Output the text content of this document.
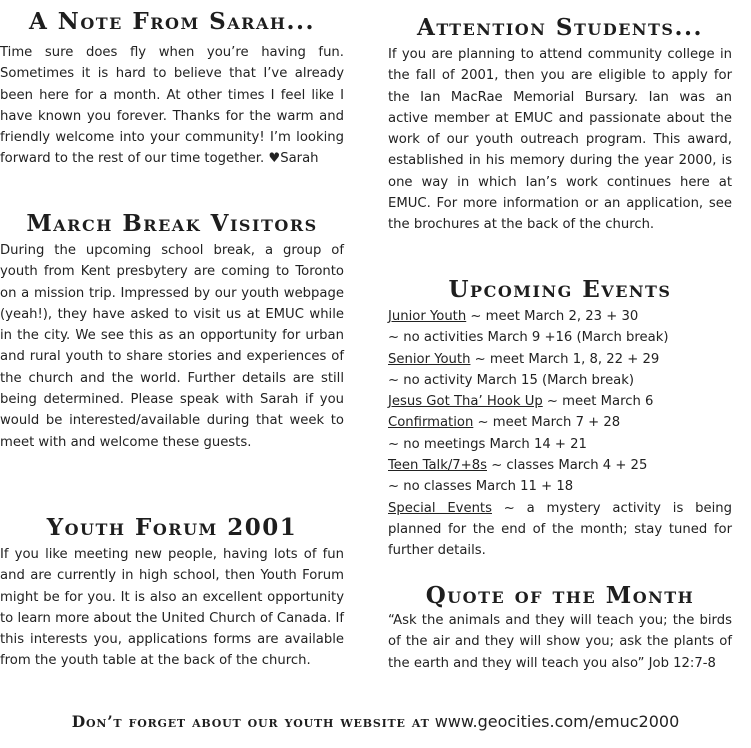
A Note From Sarah...

Time sure does fly when you’re having fun. Sometimes it is hard to believe that I’ve already been here for a month. At other times I feel like I have known you forever. Thanks for the warm and friendly welcome into your community! I’m looking forward to the rest of our time together. ♥Sarah

March Break Visitors

During the upcoming school break, a group of youth from Kent presbytery are coming to Toronto on a mission trip. Impressed by our youth webpage (yeah!), they have asked to visit us at EMUC while in the city. We see this as an opportunity for urban and rural youth to share stories and experiences of the church and the world. Further details are still being determined. Please speak with Sarah if you would be interested/available during that week to meet with and welcome these guests.

Youth Forum 2001

If you like meeting new people, having lots of fun and are currently in high school, then Youth Forum might be for you. It is also an excellent opportunity to learn more about the United Church of Canada. If this interests you, applications forms are available from the youth table at the back of the church.

Attention Students...

If you are planning to attend community college in the fall of 2001, then you are eligible to apply for the Ian MacRae Memorial Bursary. Ian was an active member at EMUC and passionate about the work of our youth outreach program. This award, established in his memory during the year 2000, is one way in which Ian’s work continues here at EMUC. For more information or an application, see the brochures at the back of the church.

Upcoming Events

Junior Youth ~ meet March 2, 23 + 30

~ no activities March 9 +16 (March break)

Senior Youth ~ meet March 1, 8, 22 + 29

~ no activity March 15 (March break)

Jesus Got Tha’ Hook Up ~ meet March 6

Confirmation ~ meet March 7 + 28

~ no meetings March 14 + 21

Teen Talk/7+8s ~ classes March 4 + 25

~ no classes March 11 + 18

Special Events ~ a mystery activity is being planned for the end of the month; stay tuned for further details.

Quote of the Month

“Ask the animals and they will teach you; the birds of the air and they will show you; ask the plants of the earth and they will teach you also” Job 12:7-8

Don’t forget about our youth website at www.geocities.com/emuc2000
